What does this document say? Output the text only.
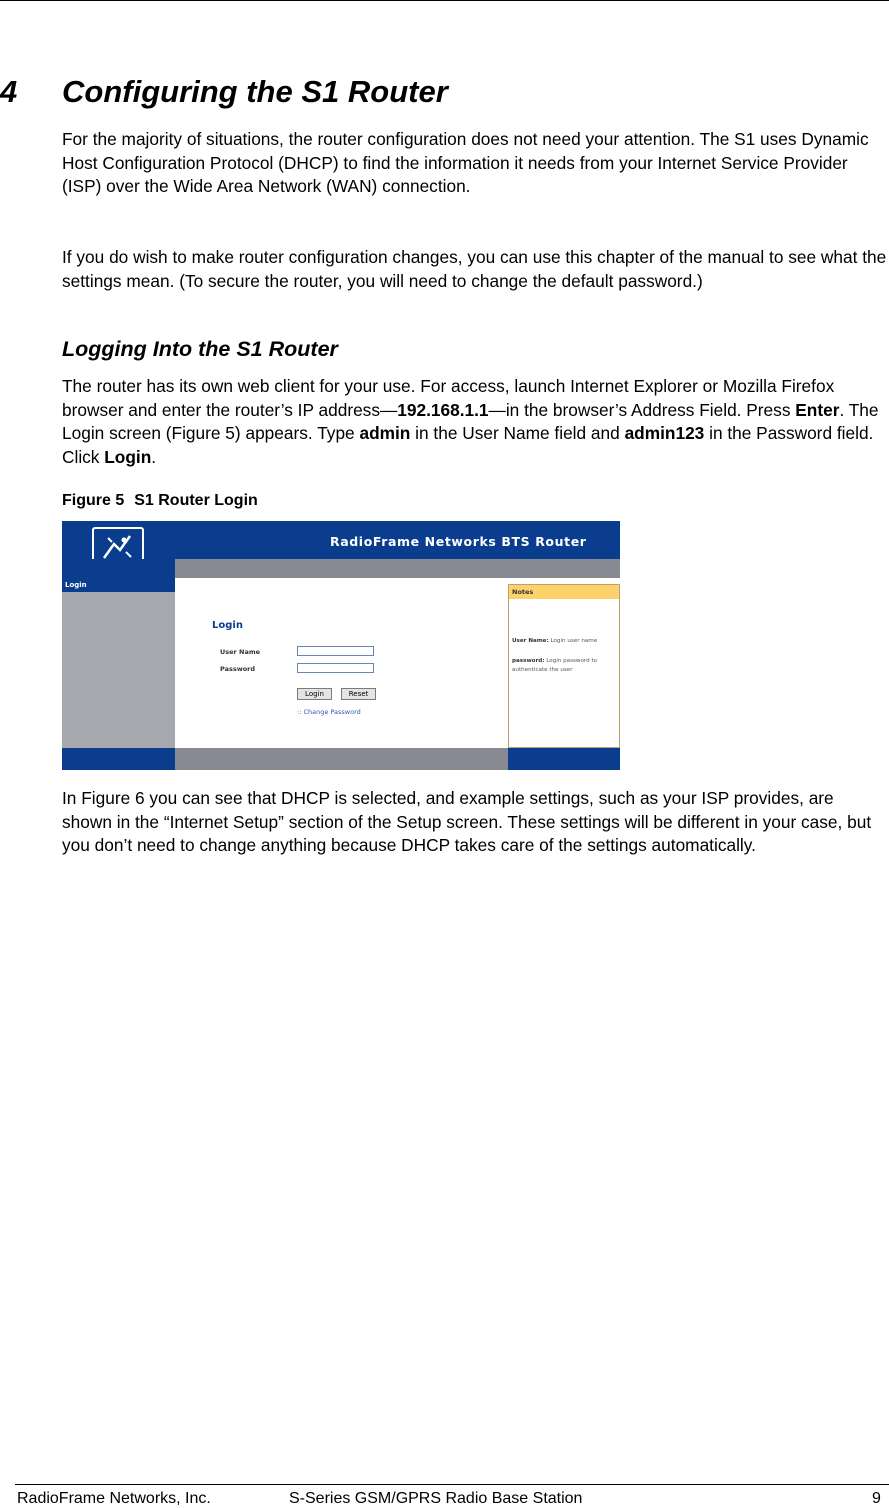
4 Configuring the S1 Router

For the majority of situations, the router configuration does not need your attention. The S1 uses Dynamic Host Configuration Protocol (DHCP) to find the information it needs from your Internet Service Provider (ISP) over the Wide Area Network (WAN) connection.

If you do wish to make router configuration changes, you can use this chapter of the manual to see what the settings mean. (To secure the router, you will need to change the default password.)

Logging Into the S1 Router

The router has its own web client for your use. For access, launch Internet Explorer or Mozilla Firefox browser and enter the router’s IP address—192.168.1.1—in the browser’s Address Field. Press Enter. The Login screen (Figure 5) appears. Type admin in the User Name field and admin123 in the Password field. Click Login.

Figure 5 S1 Router Login

RadioFrame Networks BTS Router
Login
Login
User Name
Password
Login	Reset
:: Change Password
Notes
User Name: Login user name
password: Login password to authenticate the user

In Figure 6 you can see that DHCP is selected, and example settings, such as your ISP provides, are shown in the “Internet Setup” section of the Setup screen. These settings will be different in your case, but you don’t need to change anything because DHCP takes care of the settings automatically.

RadioFrame Networks, Inc.	S-Series GSM/GPRS Radio Base Station	9
